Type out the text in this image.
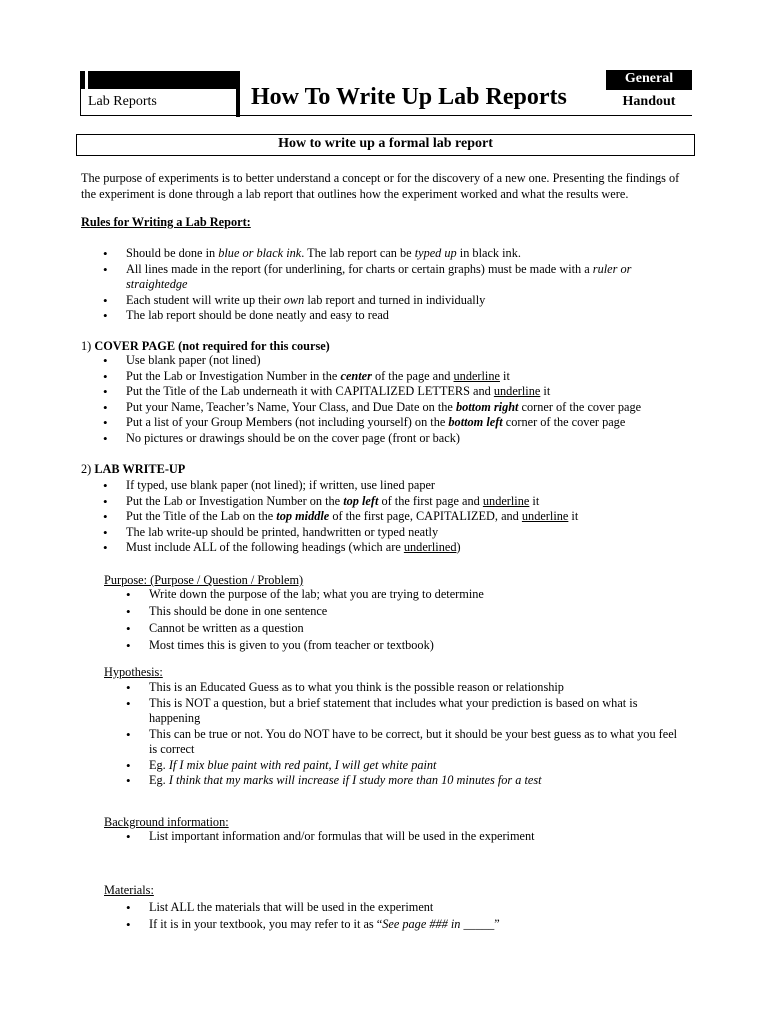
Lab Reports	How To Write Up Lab Reports
General
Handout
How to write up a formal lab report
The purpose of experiments is to better understand a concept or for the discovery of a new one. Presenting the findings of the experiment is done through a lab report that outlines how the experiment worked and what the results were.
Rules for Writing a Lab Report:
• Should be done in blue or black ink. The lab report can be typed up in black ink.
• All lines made in the report (for underlining, for charts or certain graphs) must be made with a ruler or straightedge
• Each student will write up their own lab report and turned in individually
• The lab report should be done neatly and easy to read
1) COVER PAGE (not required for this course)
• Use blank paper (not lined)
• Put the Lab or Investigation Number in the center of the page and underline it
• Put the Title of the Lab underneath it with CAPITALIZED LETTERS and underline it
• Put your Name, Teacher’s Name, Your Class, and Due Date on the bottom right corner of the cover page
• Put a list of your Group Members (not including yourself) on the bottom left corner of the cover page
• No pictures or drawings should be on the cover page (front or back)
2) LAB WRITE-UP
• If typed, use blank paper (not lined); if written, use lined paper
• Put the Lab or Investigation Number on the top left of the first page and underline it
• Put the Title of the Lab on the top middle of the first page, CAPITALIZED, and underline it
• The lab write-up should be printed, handwritten or typed neatly
• Must include ALL of the following headings (which are underlined)
Purpose: (Purpose / Question / Problem)
• Write down the purpose of the lab; what you are trying to determine
• This should be done in one sentence
• Cannot be written as a question
• Most times this is given to you (from teacher or textbook)
Hypothesis:
• This is an Educated Guess as to what you think is the possible reason or relationship
• This is NOT a question, but a brief statement that includes what your prediction is based on what is happening
• This can be true or not. You do NOT have to be correct, but it should be your best guess as to what you feel is correct
• Eg. If I mix blue paint with red paint, I will get white paint
• Eg. I think that my marks will increase if I study more than 10 minutes for a test
Background information:
• List important information and/or formulas that will be used in the experiment
Materials:
• List ALL the materials that will be used in the experiment
• If it is in your textbook, you may refer to it as “See page ### in _____”
